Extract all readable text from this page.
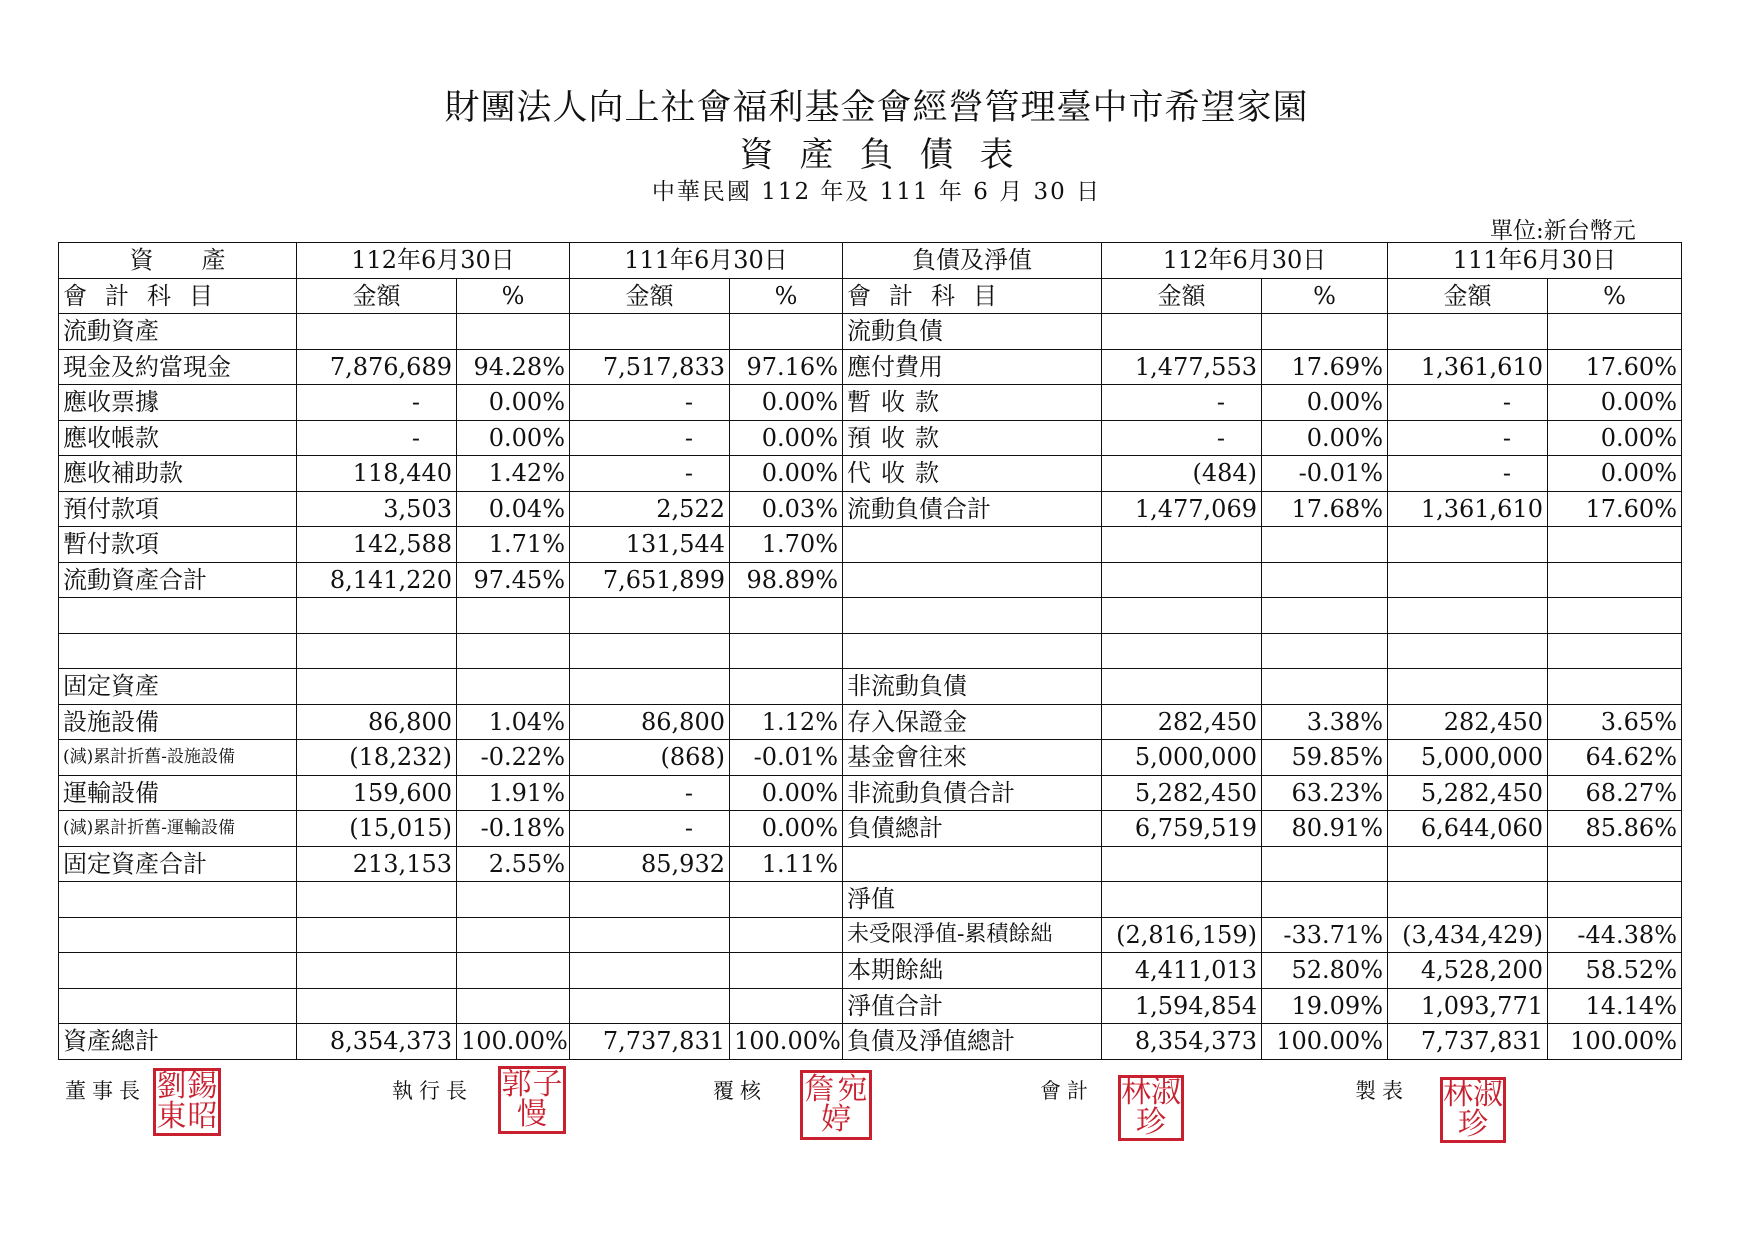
財團法人向上社會福利基金會經營管理臺中市希望家園
資產負債表
中華民國 112 年及 111 年 6 月 30 日
單位:新台幣元
資　　產	112年6月30日		111年6月30日		負債及淨值	112年6月30日		111年6月30日	
會計科目	金額	%	金額	%	會計科目	金額	%	金額	%
流動資產					流動負債				
現金及約當現金	7,876,689	94.28%	7,517,833	97.16%	應付費用	1,477,553	17.69%	1,361,610	17.60%
應收票據	-	0.00%	-	0.00%	暫收款	-	0.00%	-	0.00%
應收帳款	-	0.00%	-	0.00%	預收款	-	0.00%	-	0.00%
應收補助款	118,440	1.42%	-	0.00%	代收款	(484)	-0.01%	-	0.00%
預付款項	3,503	0.04%	2,522	0.03%	流動負債合計	1,477,069	17.68%	1,361,610	17.60%
暫付款項	142,588	1.71%	131,544	1.70%					
流動資產合計	8,141,220	97.45%	7,651,899	98.89%					

固定資產					非流動負債				
設施設備	86,800	1.04%	86,800	1.12%	存入保證金	282,450	3.38%	282,450	3.65%
(減)累計折舊-設施設備	(18,232)	-0.22%	(868)	-0.01%	基金會往來	5,000,000	59.85%	5,000,000	64.62%
運輸設備	159,600	1.91%	-	0.00%	非流動負債合計	5,282,450	63.23%	5,282,450	68.27%
(減)累計折舊-運輸設備	(15,015)	-0.18%	-	0.00%	負債總計	6,759,519	80.91%	6,644,060	85.86%
固定資產合計	213,153	2.55%	85,932	1.11%					
					淨值				
					未受限淨值-累積餘絀	(2,816,159)	-33.71%	(3,434,429)	-44.38%
					本期餘絀	4,411,013	52.80%	4,528,200	58.52%
					淨值合計	1,594,854	19.09%	1,093,771	14.14%
資產總計	8,354,373	100.00%	7,737,831	100.00%	負債及淨值總計	8,354,373	100.00%	7,737,831	100.00%
董事長 劉 錫
東 昭
執行長 郭 子
慢
覆核 詹 宛
婷
會計 林 淑
珍
製表 林 淑
珍
